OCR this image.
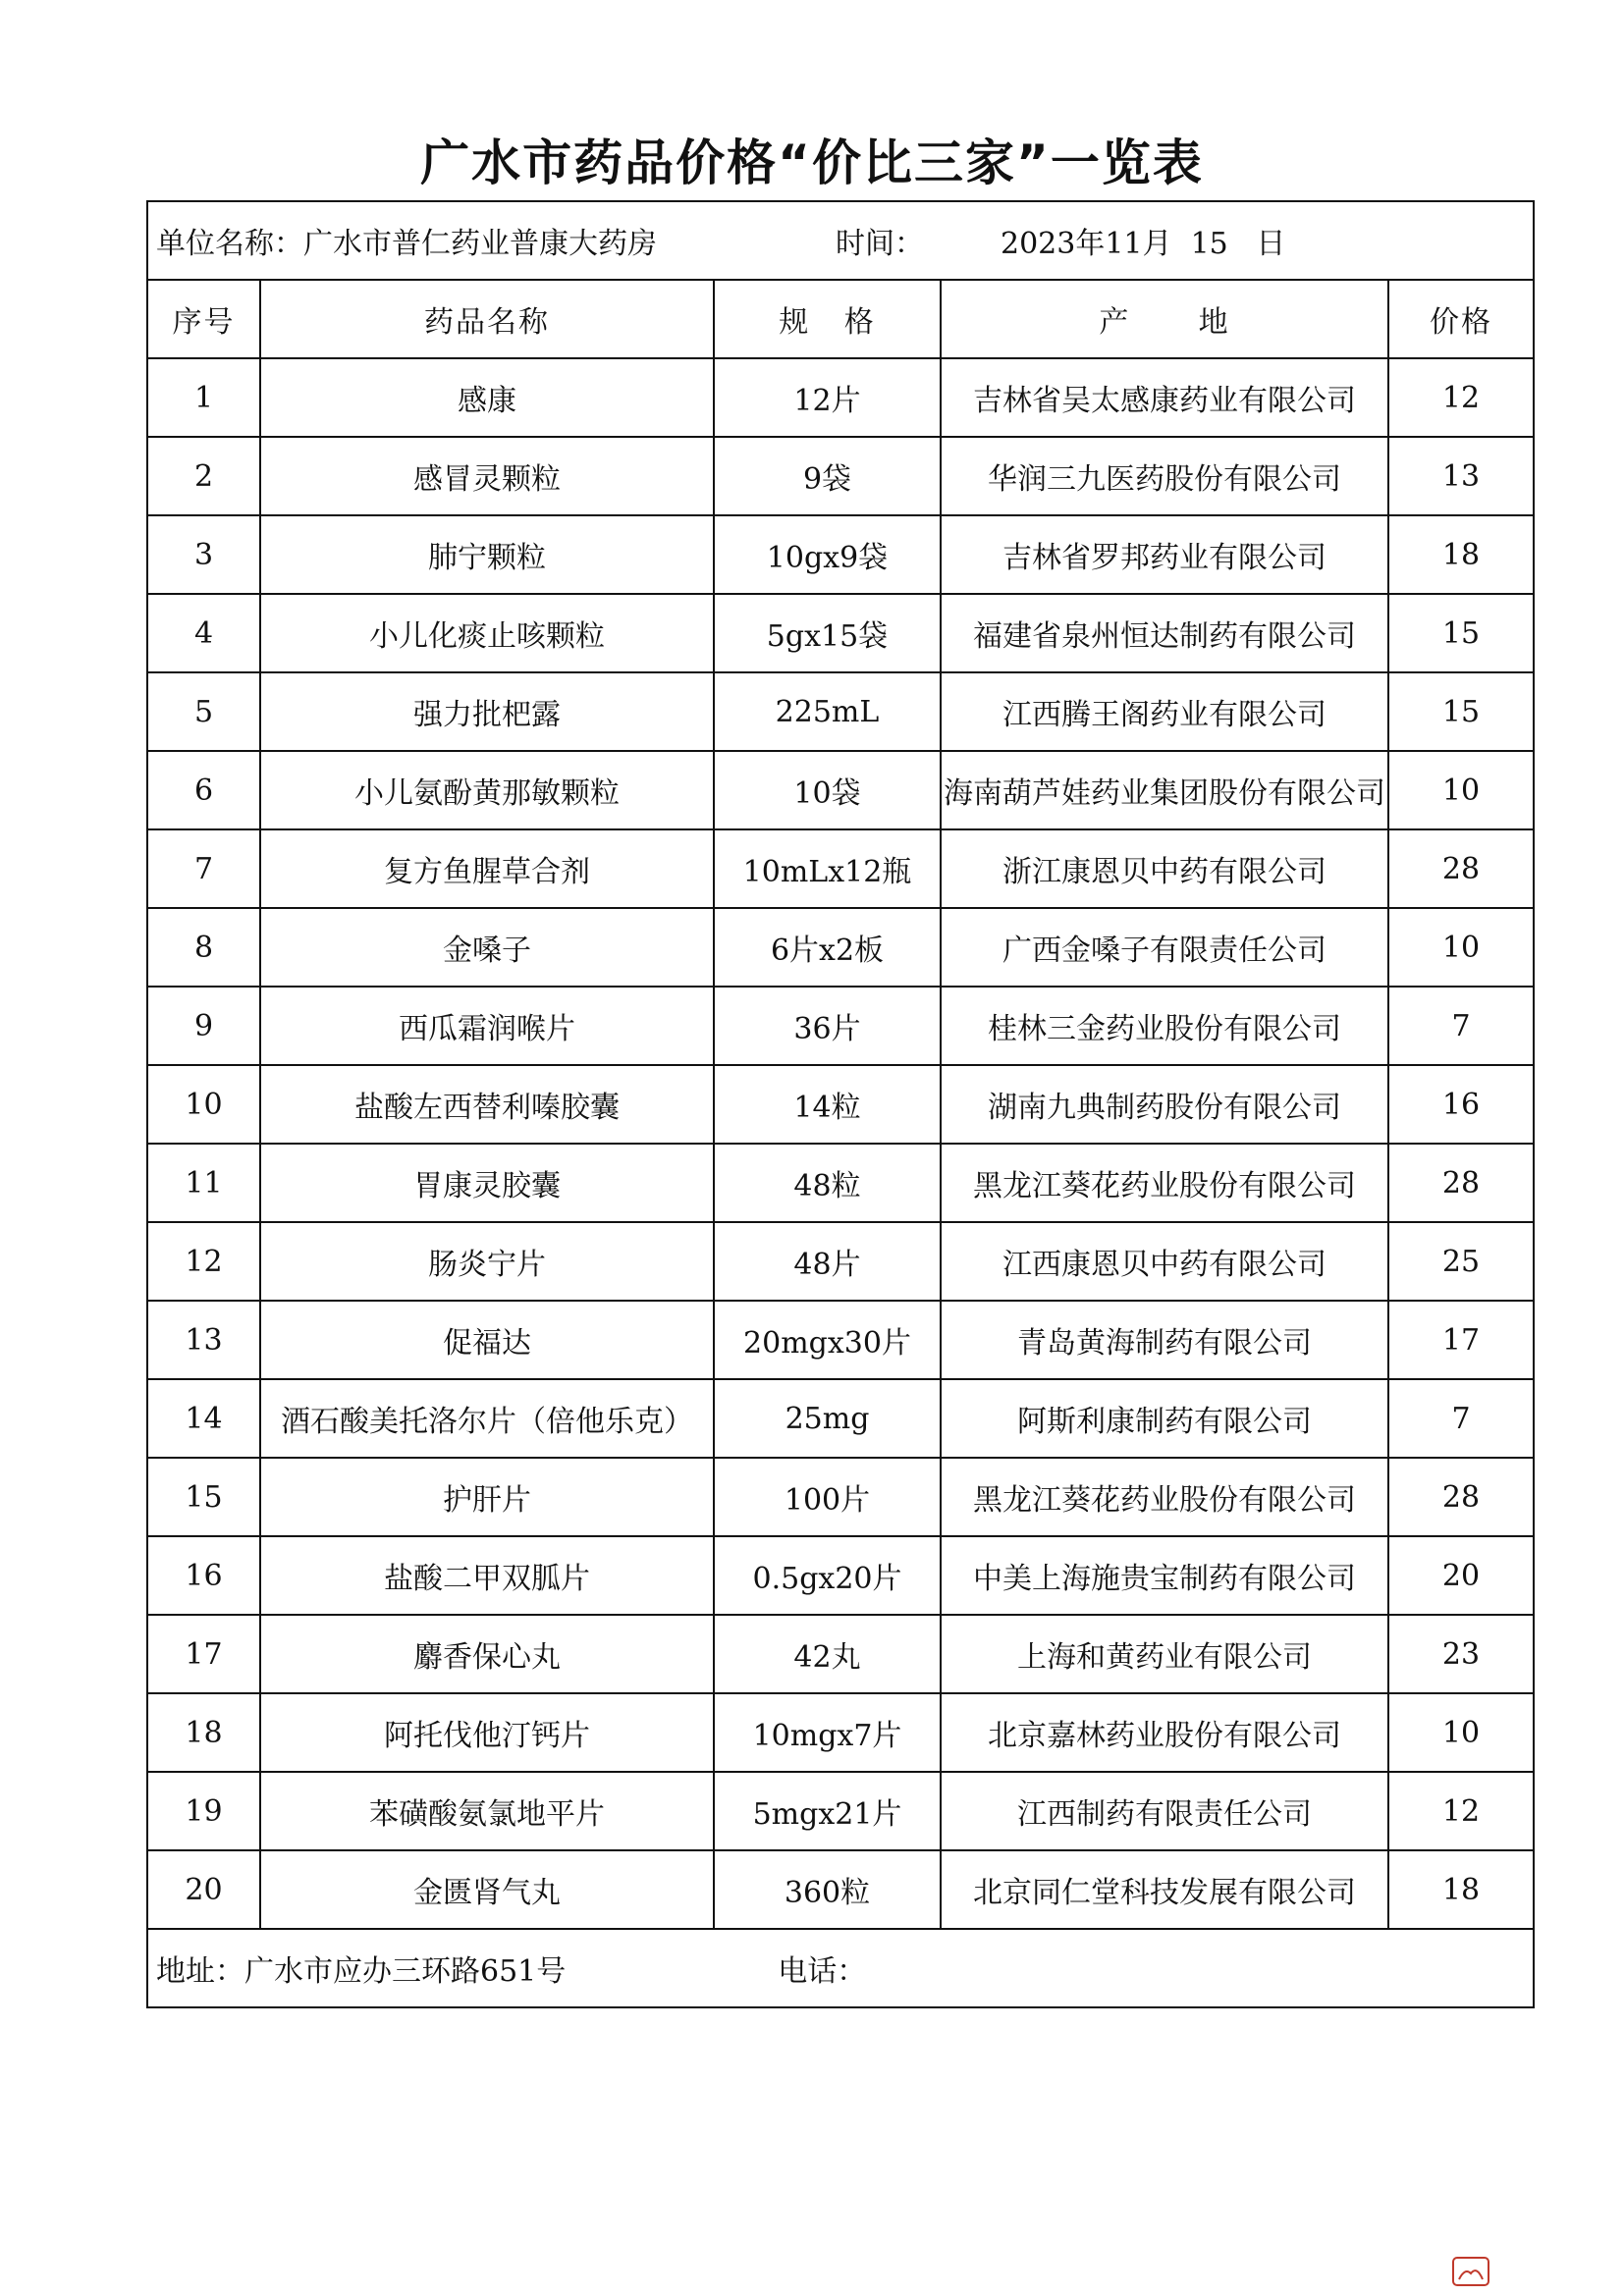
广水市药品价格“价比三家”一览表
单位名称：广水市普仁药业普康大药房 时间： 2023年11月  15   日				
序号	药品名称	规   格	产      地	价格
1	感康	12片	吉林省吴太感康药业有限公司	12
2	感冒灵颗粒	9袋	华润三九医药股份有限公司	13
3	肺宁颗粒	10gx9袋	吉林省罗邦药业有限公司	18
4	小儿化痰止咳颗粒	5gx15袋	福建省泉州恒达制药有限公司	15
5	强力批杷露	225mL	江西腾王阁药业有限公司	15
6	小儿氨酚黄那敏颗粒	10袋	海南葫芦娃药业集团股份有限公司	10
7	复方鱼腥草合剂	10mLx12瓶	浙江康恩贝中药有限公司	28
8	金嗓子	6片x2板	广西金嗓子有限责任公司	10
9	西瓜霜润喉片	36片	桂林三金药业股份有限公司	7
10	盐酸左西替利嗪胶囊	14粒	湖南九典制药股份有限公司	16
11	胃康灵胶囊	48粒	黑龙江葵花药业股份有限公司	28
12	肠炎宁片	48片	江西康恩贝中药有限公司	25
13	促福达	20mgx30片	青岛黄海制药有限公司	17
14	酒石酸美托洛尔片（倍他乐克）	25mg	阿斯利康制药有限公司	7
15	护肝片	100片	黑龙江葵花药业股份有限公司	28
16	盐酸二甲双胍片	0.5gx20片	中美上海施贵宝制药有限公司	20
17	麝香保心丸	42丸	上海和黄药业有限公司	23
18	阿托伐他汀钙片	10mgx7片	北京嘉林药业股份有限公司	10
19	苯磺酸氨氯地平片	5mgx21片	江西制药有限责任公司	12
20	金匮肾气丸	360粒	北京同仁堂科技发展有限公司	18
地址：广水市应办三环路651号 电话：				
